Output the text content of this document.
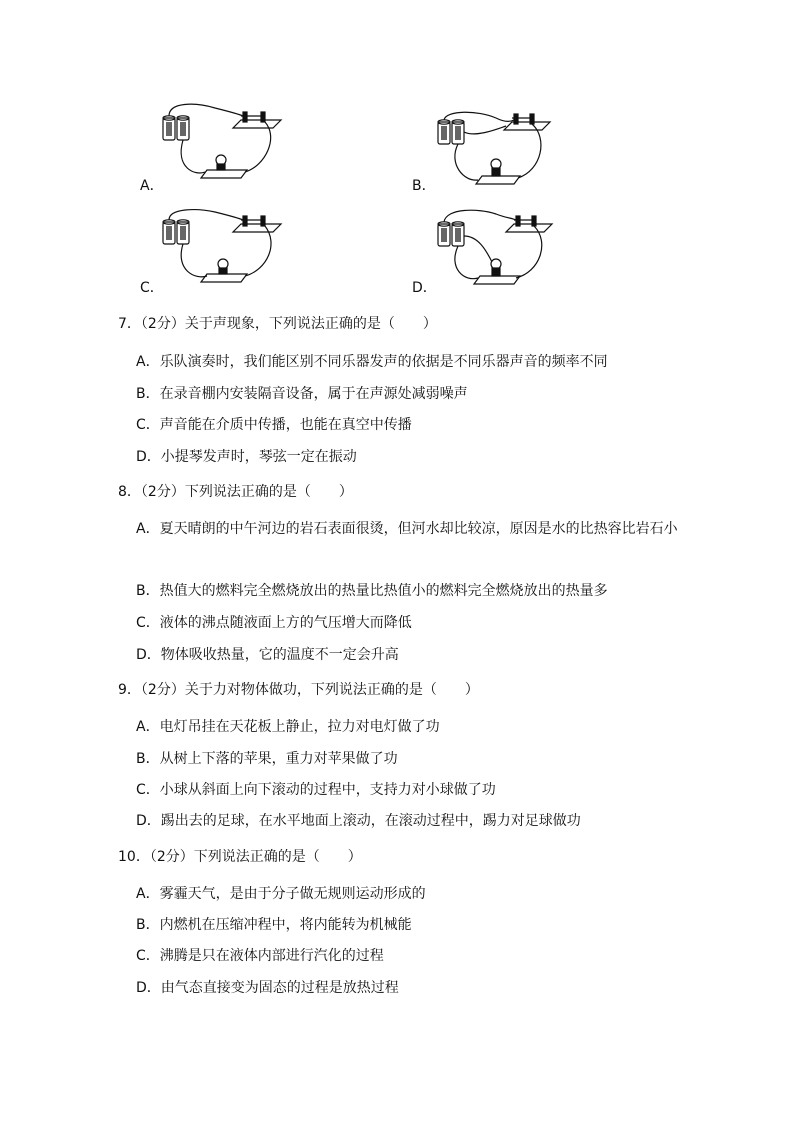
A．	B．
C．	D．
7．（2分）关于声现象，下列说法正确的是（　　）
A．乐队演奏时，我们能区别不同乐器发声的依据是不同乐器声音的频率不同
B．在录音棚内安装隔音设备，属于在声源处减弱噪声
C．声音能在介质中传播，也能在真空中传播
D．小提琴发声时，琴弦一定在振动
8．（2分）下列说法正确的是（　　）
A．夏天晴朗的中午河边的岩石表面很烫，但河水却比较凉，原因是水的比热容比岩石小
B．热值大的燃料完全燃烧放出的热量比热值小的燃料完全燃烧放出的热量多
C．液体的沸点随液面上方的气压增大而降低
D．物体吸收热量，它的温度不一定会升高
9．（2分）关于力对物体做功，下列说法正确的是（　　）
A．电灯吊挂在天花板上静止，拉力对电灯做了功
B．从树上下落的苹果，重力对苹果做了功
C．小球从斜面上向下滚动的过程中，支持力对小球做了功
D．踢出去的足球，在水平地面上滚动，在滚动过程中，踢力对足球做功
10．（2分）下列说法正确的是（　　）
A．雾霾天气，是由于分子做无规则运动形成的
B．内燃机在压缩冲程中，将内能转为机械能
C．沸腾是只在液体内部进行汽化的过程
D．由气态直接变为固态的过程是放热过程
